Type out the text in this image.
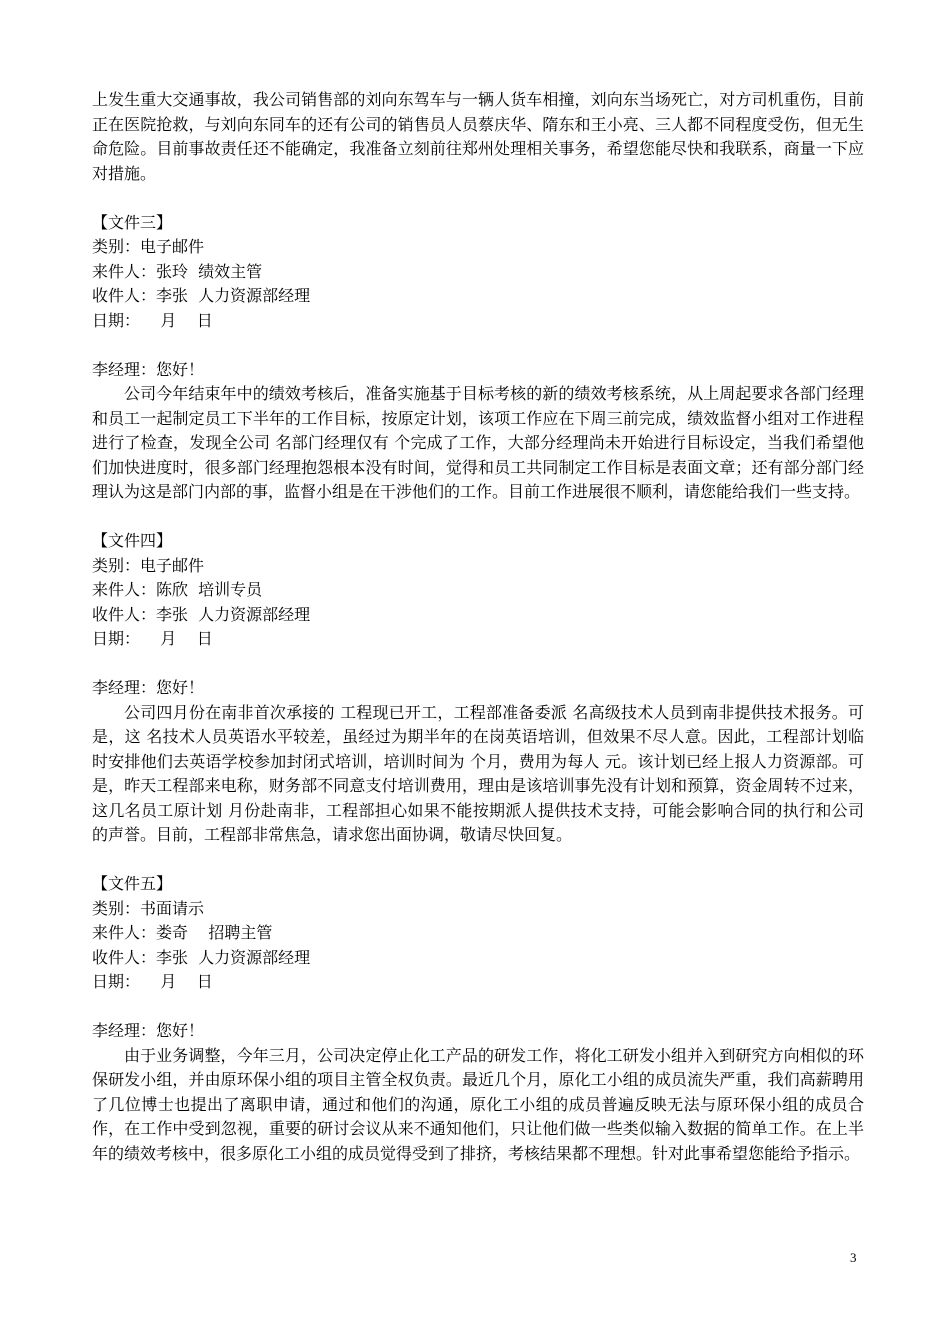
上发生重大交通事故，我公司销售部的刘向东驾车与一辆人货车相撞，刘向东当场死亡，对方司机重伤，目前正在医院抢救，与刘向东同车的还有公司的销售员人员蔡庆华、隋东和王小亮、三人都不同程度受伤，但无生命危险。目前事故责任还不能确定，我准备立刻前往郑州处理相关事务，希望您能尽快和我联系，商量一下应对措施。

【文件三】

类别：电子邮件

来件人：张玲  绩效主管

收件人：李张  人力资源部经理

日期：    月    日

李经理：您好！

公司今年结束年中的绩效考核后，准备实施基于目标考核的新的绩效考核系统，从上周起要求各部门经理和员工一起制定员工下半年的工作目标，按原定计划，该项工作应在下周三前完成，绩效监督小组对工作进程进行了检查，发现全公司 名部门经理仅有 个完成了工作，大部分经理尚未开始进行目标设定，当我们希望他们加快进度时，很多部门经理抱怨根本没有时间，觉得和员工共同制定工作目标是表面文章；还有部分部门经理认为这是部门内部的事，监督小组是在干涉他们的工作。目前工作进展很不顺利，请您能给我们一些支持。

【文件四】

类别：电子邮件

来件人：陈欣  培训专员

收件人：李张  人力资源部经理

日期：    月    日

李经理：您好！

公司四月份在南非首次承接的 工程现已开工，工程部准备委派 名高级技术人员到南非提供技术报务。可是，这 名技术人员英语水平较差，虽经过为期半年的在岗英语培训，但效果不尽人意。因此，工程部计划临时安排他们去英语学校参加封闭式培训，培训时间为 个月，费用为每人 元。该计划已经上报人力资源部。可是，昨天工程部来电称，财务部不同意支付培训费用，理由是该培训事先没有计划和预算，资金周转不过来，这几名员工原计划 月份赴南非，工程部担心如果不能按期派人提供技术支持，可能会影响合同的执行和公司的声誉。目前，工程部非常焦急，请求您出面协调，敬请尽快回复。

【文件五】

类别：书面请示

来件人：娄奇    招聘主管

收件人：李张  人力资源部经理

日期：    月    日

李经理：您好！

由于业务调整，今年三月，公司决定停止化工产品的研发工作，将化工研发小组并入到研究方向相似的环保研发小组，并由原环保小组的项目主管全权负责。最近几个月，原化工小组的成员流失严重，我们高薪聘用了几位博士也提出了离职申请，通过和他们的沟通，原化工小组的成员普遍反映无法与原环保小组的成员合作，在工作中受到忽视，重要的研讨会议从来不通知他们，只让他们做一些类似输入数据的简单工作。在上半年的绩效考核中，很多原化工小组的成员觉得受到了排挤，考核结果都不理想。针对此事希望您能给予指示。

3
